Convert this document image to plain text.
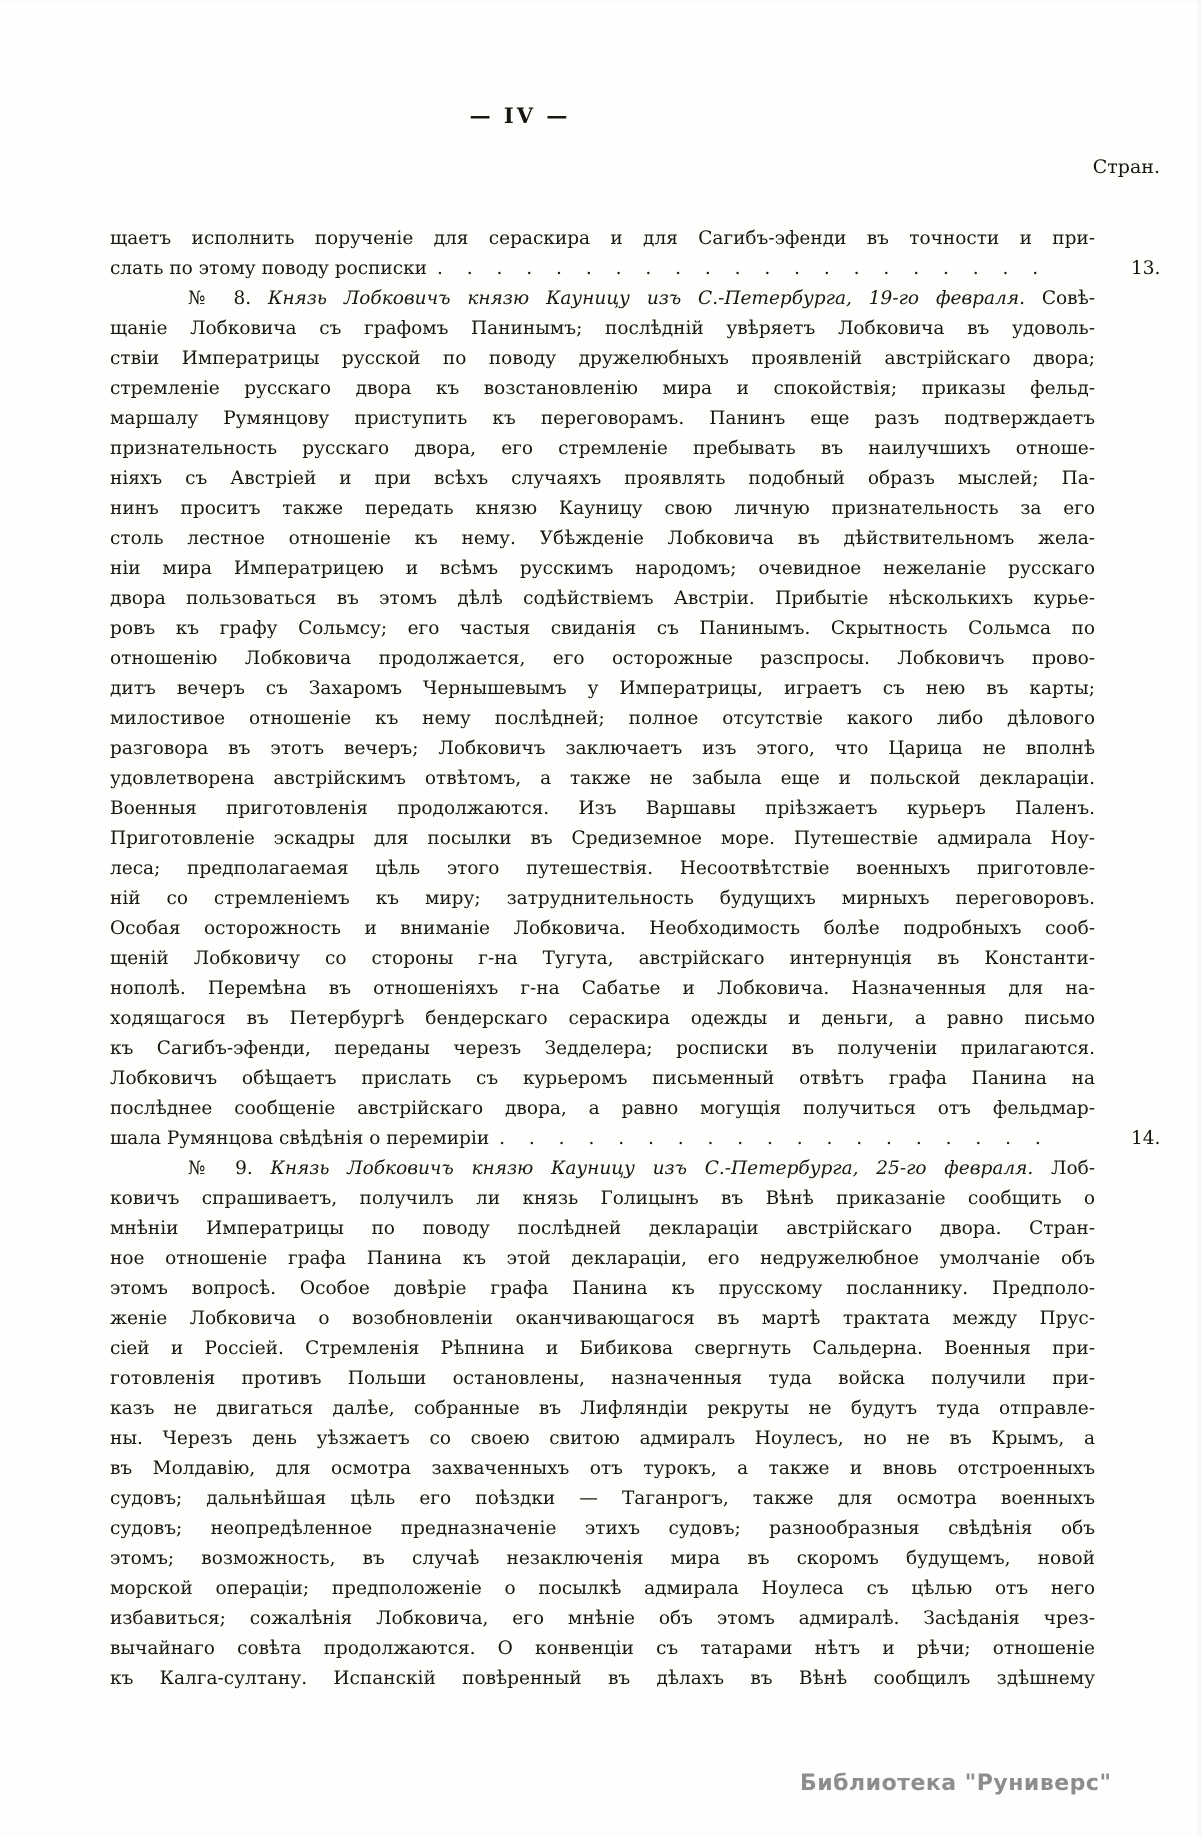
— IV —
Стран.
щаетъ исполнить порученіе для сераскира и для Сагибъ-эфенди въ точности и при-
слать по этому поводу росписки . . . . . . . . . . . . . . . . . . . . .	13.
№ 8. Князь Лобковичъ князю Кауницу изъ С.-Петербурга, 19-го февраля. Совѣ-
щаніе Лобковича съ графомъ Панинымъ; послѣдній увѣряетъ Лобковича въ удоволь-
ствіи Императрицы русской по поводу дружелюбныхъ проявленій австрійскаго двора;
стремленіе русскаго двора къ возстановленію мира и спокойствія; приказы фельд-
маршалу Румянцову приступить къ переговорамъ. Панинъ еще разъ подтверждаетъ
признательность русскаго двора, его стремленіе пребывать въ наилучшихъ отноше-
ніяхъ съ Австріей и при всѣхъ случаяхъ проявлять подобный образъ мыслей; Па-
нинъ проситъ также передать князю Кауницу свою личную признательность за его
столь лестное отношеніе къ нему. Убѣжденіе Лобковича въ дѣйствительномъ жела-
ніи мира Императрицею и всѣмъ русскимъ народомъ; очевидное нежеланіе русскаго
двора пользоваться въ этомъ дѣлѣ содѣйствіемъ Австріи. Прибытіе нѣсколькихъ курье-
ровъ къ графу Сольмсу; его частыя свиданія съ Панинымъ. Скрытность Сольмса по
отношенію Лобковича продолжается, его осторожные разспросы. Лобковичъ прово-
дитъ вечеръ съ Захаромъ Чернышевымъ у Императрицы, играетъ съ нею въ карты;
милостивое отношеніе къ нему послѣдней; полное отсутствіе какого либо дѣлового
разговора въ этотъ вечеръ; Лобковичъ заключаетъ изъ этого, что Царица не вполнѣ
удовлетворена австрійскимъ отвѣтомъ, а также не забыла еще и польской деклараціи.
Военныя приготовленія продолжаются. Изъ Варшавы пріѣзжаетъ курьеръ Паленъ.
Приготовленіе эскадры для посылки въ Средиземное море. Путешествіе адмирала Ноу-
леса; предполагаемая цѣль этого путешествія. Несоотвѣтствіе военныхъ приготовле-
ній со стремленіемъ къ миру; затруднительность будущихъ мирныхъ переговоровъ.
Особая осторожность и вниманіе Лобковича. Необходимость болѣе подробныхъ сооб-
щеній Лобковичу со стороны г-на Тугута, австрійскаго интернунція въ Константи-
нополѣ. Перемѣна въ отношеніяхъ г-на Сабатье и Лобковича. Назначенныя для на-
ходящагося въ Петербургѣ бендерскаго сераскира одежды и деньги, а равно письмо
къ Сагибъ-эфенди, переданы черезъ Зедделера; росписки въ полученіи прилагаются.
Лобковичъ обѣщаетъ прислать съ курьеромъ письменный отвѣтъ графа Панина на
послѣднее сообщеніе австрійскаго двора, а равно могущія получиться отъ фельдмар-
шала Румянцова свѣдѣнія о перемиріи . . . . . . . . . . . . . . . . . . .	14.
№ 9. Князь Лобковичъ князю Кауницу изъ С.-Петербурга, 25-го февраля. Лоб-
ковичъ спрашиваетъ, получилъ ли князь Голицынъ въ Вѣнѣ приказаніе сообщить о
мнѣніи Императрицы по поводу послѣдней деклараціи австрійскаго двора. Стран-
ное отношеніе графа Панина къ этой деклараціи, его недружелюбное умолчаніе объ
этомъ вопросѣ. Особое довѣріе графа Панина къ прусскому посланнику. Предполо-
женіе Лобковича о возобновленіи оканчивающагося въ мартѣ трактата между Прус-
сіей и Россіей. Стремленія Рѣпнина и Бибикова свергнуть Сальдерна. Военныя при-
готовленія противъ Польши остановлены, назначенныя туда войска получили при-
казъ не двигаться далѣе, собранные въ Лифляндіи рекруты не будутъ туда отправле-
ны. Черезъ день уѣзжаетъ со своею свитою адмиралъ Ноулесъ, но не въ Крымъ, а
въ Молдавію, для осмотра захваченныхъ отъ турокъ, а также и вновь отстроенныхъ
судовъ; дальнѣйшая цѣль его поѣздки — Таганрогъ, также для осмотра военныхъ
судовъ; неопредѣленное предназначеніе этихъ судовъ; разнообразныя свѣдѣнія объ
этомъ; возможность, въ случаѣ незаключенія мира въ скоромъ будущемъ, новой
морской операціи; предположеніе о посылкѣ адмирала Ноулеса съ цѣлью отъ него
избавиться; сожалѣнія Лобковича, его мнѣніе объ этомъ адмиралѣ. Засѣданія чрез-
вычайнаго совѣта продолжаются. О конвенціи съ татарами нѣтъ и рѣчи; отношеніе
къ Калга-султану. Испанскій повѣренный въ дѣлахъ въ Вѣнѣ сообщилъ здѣшнему
Библиотека "Руниверс"
